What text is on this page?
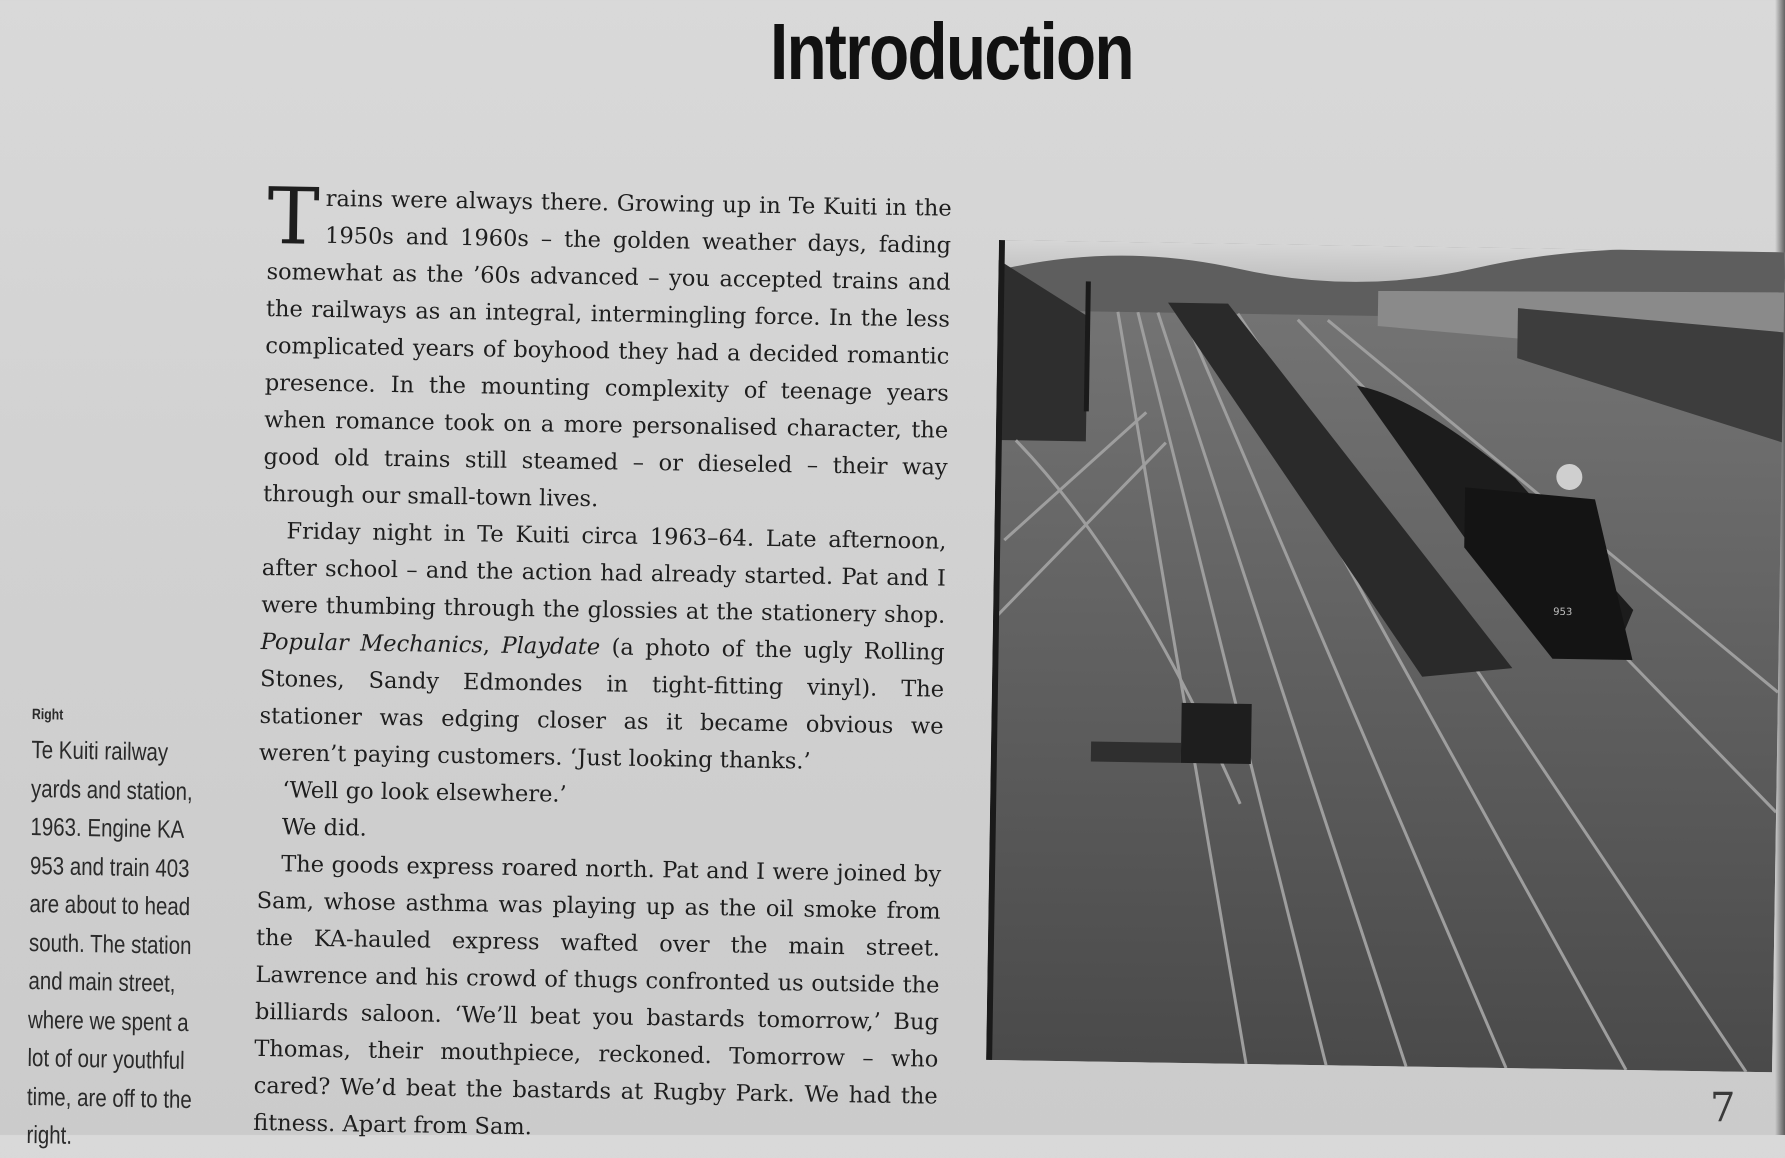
Introduction

Trains were always there. Growing up in Te Kuiti in the 1950s and 1960s – the golden weather days, fading somewhat as the ’60s advanced – you accepted trains and the railways as an integral, intermingling force. In the less complicated years of boyhood they had a decided romantic presence. In the mounting complexity of teenage years when romance took on a more personalised character, the good old trains still steamed – or dieseled – their way through our small-town lives.

Friday night in Te Kuiti circa 1963–64. Late afternoon, after school – and the action had already started. Pat and I were thumbing through the glossies at the stationery shop. Popular Mechanics, Playdate (a photo of the ugly Rolling Stones, Sandy Edmondes in tight-fitting vinyl). The stationer was edging closer as it became obvious we weren’t paying customers. ‘Just looking thanks.’

‘Well go look elsewhere.’

We did.

The goods express roared north. Pat and I were joined by Sam, whose asthma was playing up as the oil smoke from the KA-hauled express wafted over the main street. Lawrence and his crowd of thugs confronted us outside the billiards saloon. ‘We’ll beat you bastards tomorrow,’ Bug Thomas, their mouthpiece, reckoned. Tomorrow – who cared? We’d beat the bastards at Rugby Park. We had the fitness. Apart from Sam.

Right
Te Kuiti railway yards and station, 1963. Engine KA 953 and train 403 are about to head south. The station and main street, where we spent a lot of our youthful time, are off to the right.
953
7
